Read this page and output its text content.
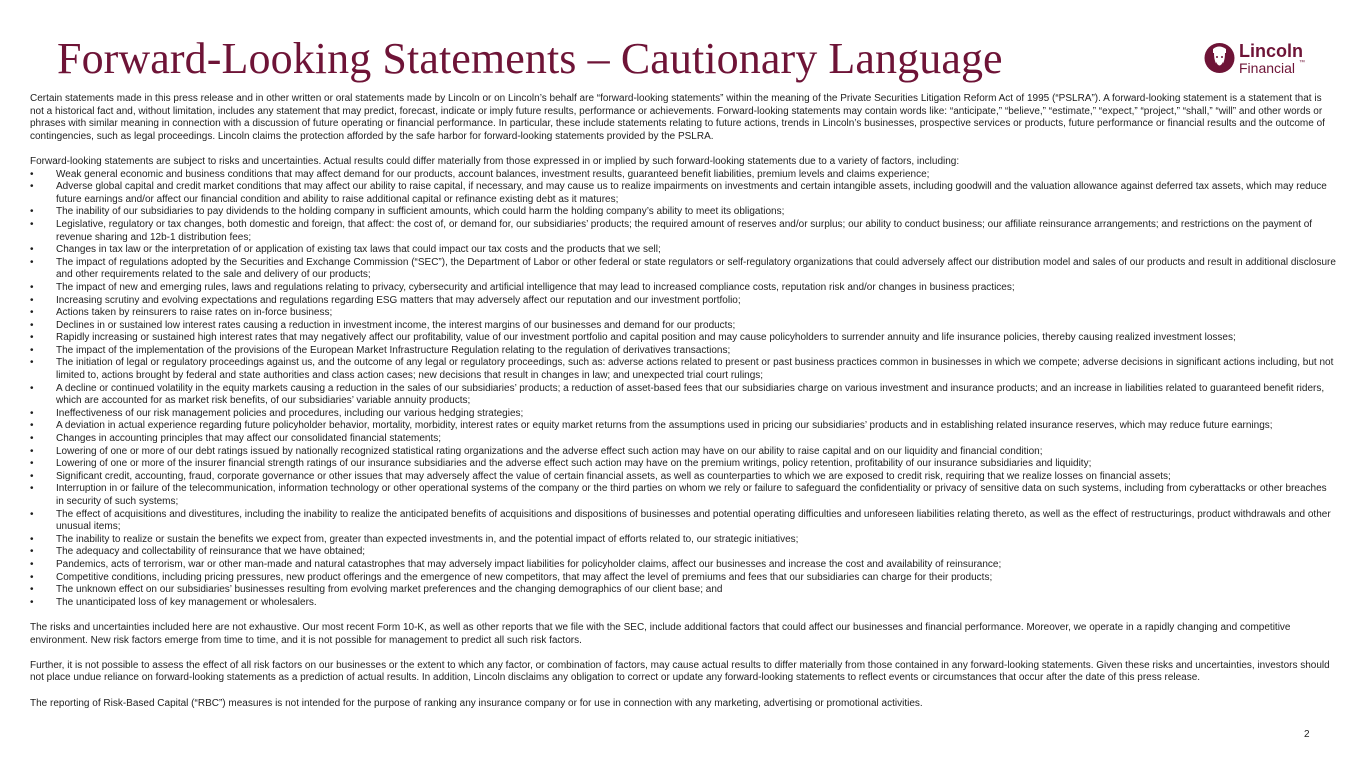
Forward-Looking Statements – Cautionary Language	Lincoln
Financial ™

Certain statements made in this press release and in other written or oral statements made by Lincoln or on Lincoln’s behalf are “forward-looking statements” within the meaning of the Private Securities Litigation Reform Act of 1995 (“PSLRA”). A forward-looking statement is a statement that is not a historical fact and, without limitation, includes any statement that may predict, forecast, indicate or imply future results, performance or achievements. Forward-looking statements may contain words like: “anticipate,” “believe,” “estimate,” “expect,” “project,” “shall,” “will” and other words or phrases with similar meaning in connection with a discussion of future operating or financial performance. In particular, these include statements relating to future actions, trends in Lincoln’s businesses, prospective services or products, future performance or financial results and the outcome of contingencies, such as legal proceedings. Lincoln claims the protection afforded by the safe harbor for forward-looking statements provided by the PSLRA.

Forward-looking statements are subject to risks and uncertainties. Actual results could differ materially from those expressed in or implied by such forward-looking statements due to a variety of factors, including:

• Weak general economic and business conditions that may affect demand for our products, account balances, investment results, guaranteed benefit liabilities, premium levels and claims experience;
• Adverse global capital and credit market conditions that may affect our ability to raise capital, if necessary, and may cause us to realize impairments on investments and certain intangible assets, including goodwill and the valuation allowance against deferred tax assets, which may reduce future earnings and/or affect our financial condition and ability to raise additional capital or refinance existing debt as it matures;
• The inability of our subsidiaries to pay dividends to the holding company in sufficient amounts, which could harm the holding company’s ability to meet its obligations;
• Legislative, regulatory or tax changes, both domestic and foreign, that affect: the cost of, or demand for, our subsidiaries’ products; the required amount of reserves and/or surplus; our ability to conduct business; our affiliate reinsurance arrangements; and restrictions on the payment of revenue sharing and 12b-1 distribution fees;
• Changes in tax law or the interpretation of or application of existing tax laws that could impact our tax costs and the products that we sell;
• The impact of regulations adopted by the Securities and Exchange Commission (“SEC”), the Department of Labor or other federal or state regulators or self-regulatory organizations that could adversely affect our distribution model and sales of our products and result in additional disclosure and other requirements related to the sale and delivery of our products;
• The impact of new and emerging rules, laws and regulations relating to privacy, cybersecurity and artificial intelligence that may lead to increased compliance costs, reputation risk and/or changes in business practices;
• Increasing scrutiny and evolving expectations and regulations regarding ESG matters that may adversely affect our reputation and our investment portfolio;
• Actions taken by reinsurers to raise rates on in-force business;
• Declines in or sustained low interest rates causing a reduction in investment income, the interest margins of our businesses and demand for our products;
• Rapidly increasing or sustained high interest rates that may negatively affect our profitability, value of our investment portfolio and capital position and may cause policyholders to surrender annuity and life insurance policies, thereby causing realized investment losses;
• The impact of the implementation of the provisions of the European Market Infrastructure Regulation relating to the regulation of derivatives transactions;
• The initiation of legal or regulatory proceedings against us, and the outcome of any legal or regulatory proceedings, such as: adverse actions related to present or past business practices common in businesses in which we compete; adverse decisions in significant actions including, but not limited to, actions brought by federal and state authorities and class action cases; new decisions that result in changes in law; and unexpected trial court rulings;
• A decline or continued volatility in the equity markets causing a reduction in the sales of our subsidiaries’ products; a reduction of asset-based fees that our subsidiaries charge on various investment and insurance products; and an increase in liabilities related to guaranteed benefit riders, which are accounted for as market risk benefits, of our subsidiaries’ variable annuity products;
• Ineffectiveness of our risk management policies and procedures, including our various hedging strategies;
• A deviation in actual experience regarding future policyholder behavior, mortality, morbidity, interest rates or equity market returns from the assumptions used in pricing our subsidiaries’ products and in establishing related insurance reserves, which may reduce future earnings;
• Changes in accounting principles that may affect our consolidated financial statements;
• Lowering of one or more of our debt ratings issued by nationally recognized statistical rating organizations and the adverse effect such action may have on our ability to raise capital and on our liquidity and financial condition;
• Lowering of one or more of the insurer financial strength ratings of our insurance subsidiaries and the adverse effect such action may have on the premium writings, policy retention, profitability of our insurance subsidiaries and liquidity;
• Significant credit, accounting, fraud, corporate governance or other issues that may adversely affect the value of certain financial assets, as well as counterparties to which we are exposed to credit risk, requiring that we realize losses on financial assets;
• Interruption in or failure of the telecommunication, information technology or other operational systems of the company or the third parties on whom we rely or failure to safeguard the confidentiality or privacy of sensitive data on such systems, including from cyberattacks or other breaches in security of such systems;
• The effect of acquisitions and divestitures, including the inability to realize the anticipated benefits of acquisitions and dispositions of businesses and potential operating difficulties and unforeseen liabilities relating thereto, as well as the effect of restructurings, product withdrawals and other unusual items;
• The inability to realize or sustain the benefits we expect from, greater than expected investments in, and the potential impact of efforts related to, our strategic initiatives;
• The adequacy and collectability of reinsurance that we have obtained;
• Pandemics, acts of terrorism, war or other man-made and natural catastrophes that may adversely impact liabilities for policyholder claims, affect our businesses and increase the cost and availability of reinsurance;
• Competitive conditions, including pricing pressures, new product offerings and the emergence of new competitors, that may affect the level of premiums and fees that our subsidiaries can charge for their products;
• The unknown effect on our subsidiaries’ businesses resulting from evolving market preferences and the changing demographics of our client base; and
• The unanticipated loss of key management or wholesalers.

The risks and uncertainties included here are not exhaustive. Our most recent Form 10-K, as well as other reports that we file with the SEC, include additional factors that could affect our businesses and financial performance. Moreover, we operate in a rapidly changing and competitive environment. New risk factors emerge from time to time, and it is not possible for management to predict all such risk factors.

Further, it is not possible to assess the effect of all risk factors on our businesses or the extent to which any factor, or combination of factors, may cause actual results to differ materially from those contained in any forward-looking statements. Given these risks and uncertainties, investors should not place undue reliance on forward-looking statements as a prediction of actual results. In addition, Lincoln disclaims any obligation to correct or update any forward-looking statements to reflect events or circumstances that occur after the date of this press release.

The reporting of Risk-Based Capital (“RBC”) measures is not intended for the purpose of ranking any insurance company or for use in connection with any marketing, advertising or promotional activities.

2
